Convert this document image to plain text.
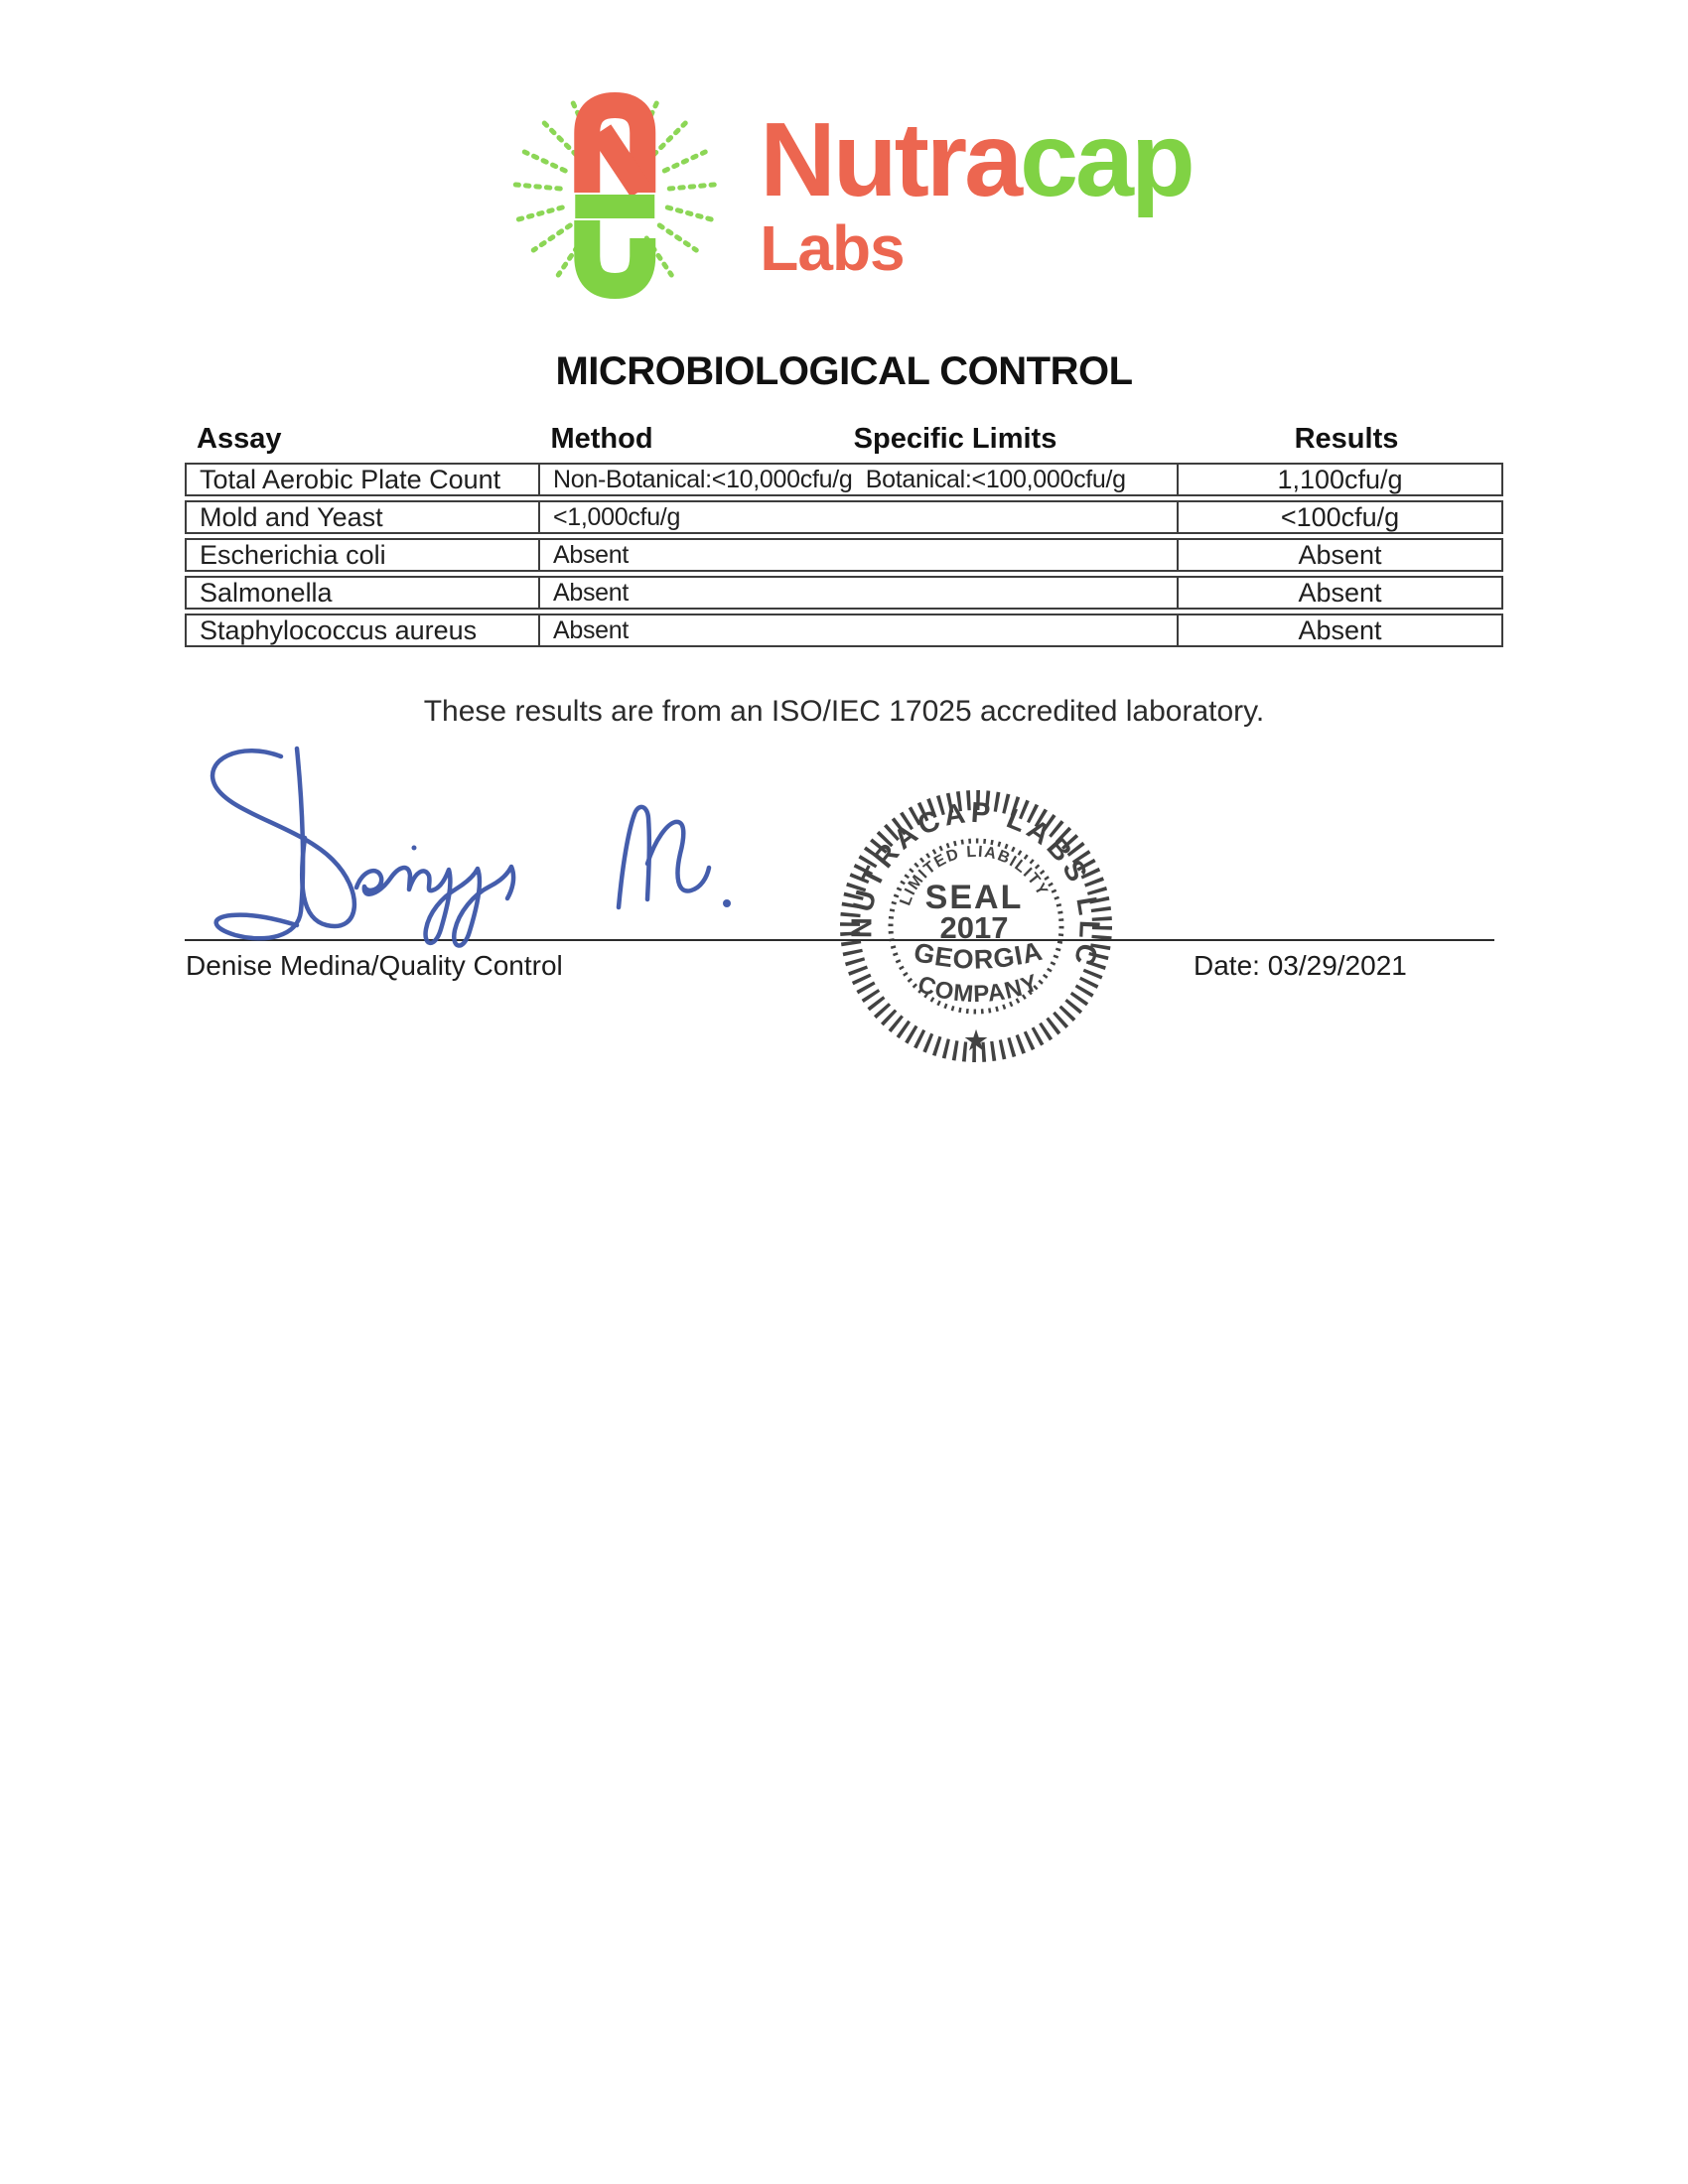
Nutracap
Labs
MICROBIOLOGICAL CONTROL
Assay	Method	Specific Limits	Results
Total Aerobic Plate Count	Non-Botanical:<10,000cfu/g  Botanical:<100,000cfu/g	1,100cfu/g
Mold and Yeast	<1,000cfu/g	<100cfu/g
Escherichia coli	Absent	Absent
Salmonella	Absent	Absent
Staphylococcus aureus	Absent	Absent
These results are from an ISO/IEC 17025 accredited laboratory.
NUTRACAP LABS LLC
LIMITED LIABILITY
SEAL
2017
GEORGIA
COMPANY
★
Denise Medina/Quality Control	Date: 03/29/2021
